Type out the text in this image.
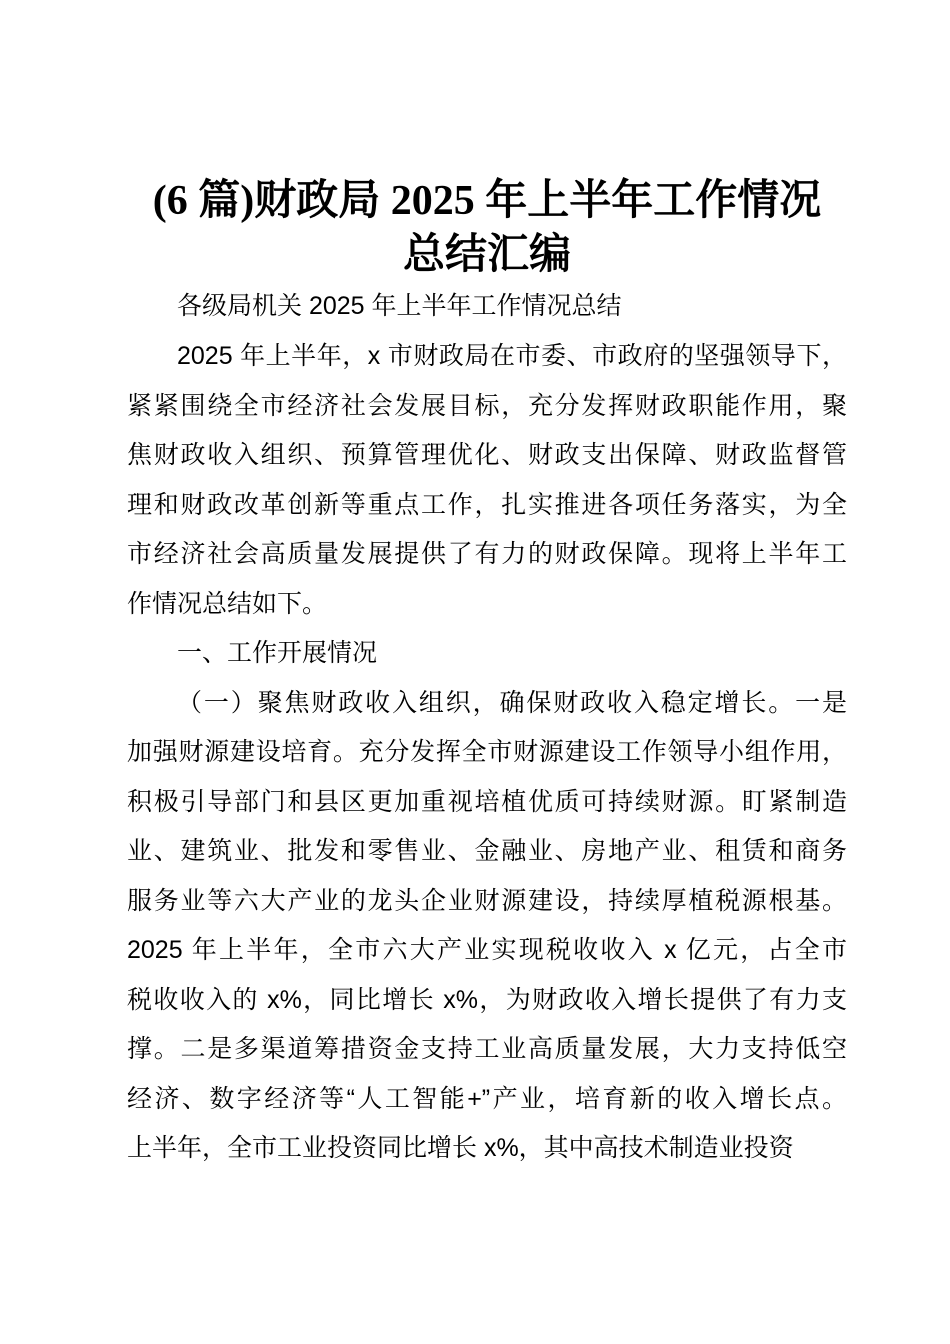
(6 篇)财政局 2025 年上半年工作情况
总结汇编
各级局机关 2025 年上半年工作情况总结
2025 年上半年，x 市财政局在市委、市政府的坚强领导下，
紧紧围绕全市经济社会发展目标，充分发挥财政职能作用，聚
焦财政收入组织、预算管理优化、财政支出保障、财政监督管
理和财政改革创新等重点工作，扎实推进各项任务落实，为全
市经济社会高质量发展提供了有力的财政保障。现将上半年工
作情况总结如下。
一、工作开展情况
（一）聚焦财政收入组织，确保财政收入稳定增长。一是
加强财源建设培育。充分发挥全市财源建设工作领导小组作用，
积极引导部门和县区更加重视培植优质可持续财源。盯紧制造
业、建筑业、批发和零售业、金融业、房地产业、租赁和商务
服务业等六大产业的龙头企业财源建设，持续厚植税源根基。
2025 年上半年，全市六大产业实现税收收入 x 亿元，占全市
税收收入的 x%，同比增长 x%，为财政收入增长提供了有力支
撑。二是多渠道筹措资金支持工业高质量发展，大力支持低空
经济、数字经济等“人工智能+”产业，培育新的收入增长点。
上半年，全市工业投资同比增长 x%，其中高技术制造业投资
